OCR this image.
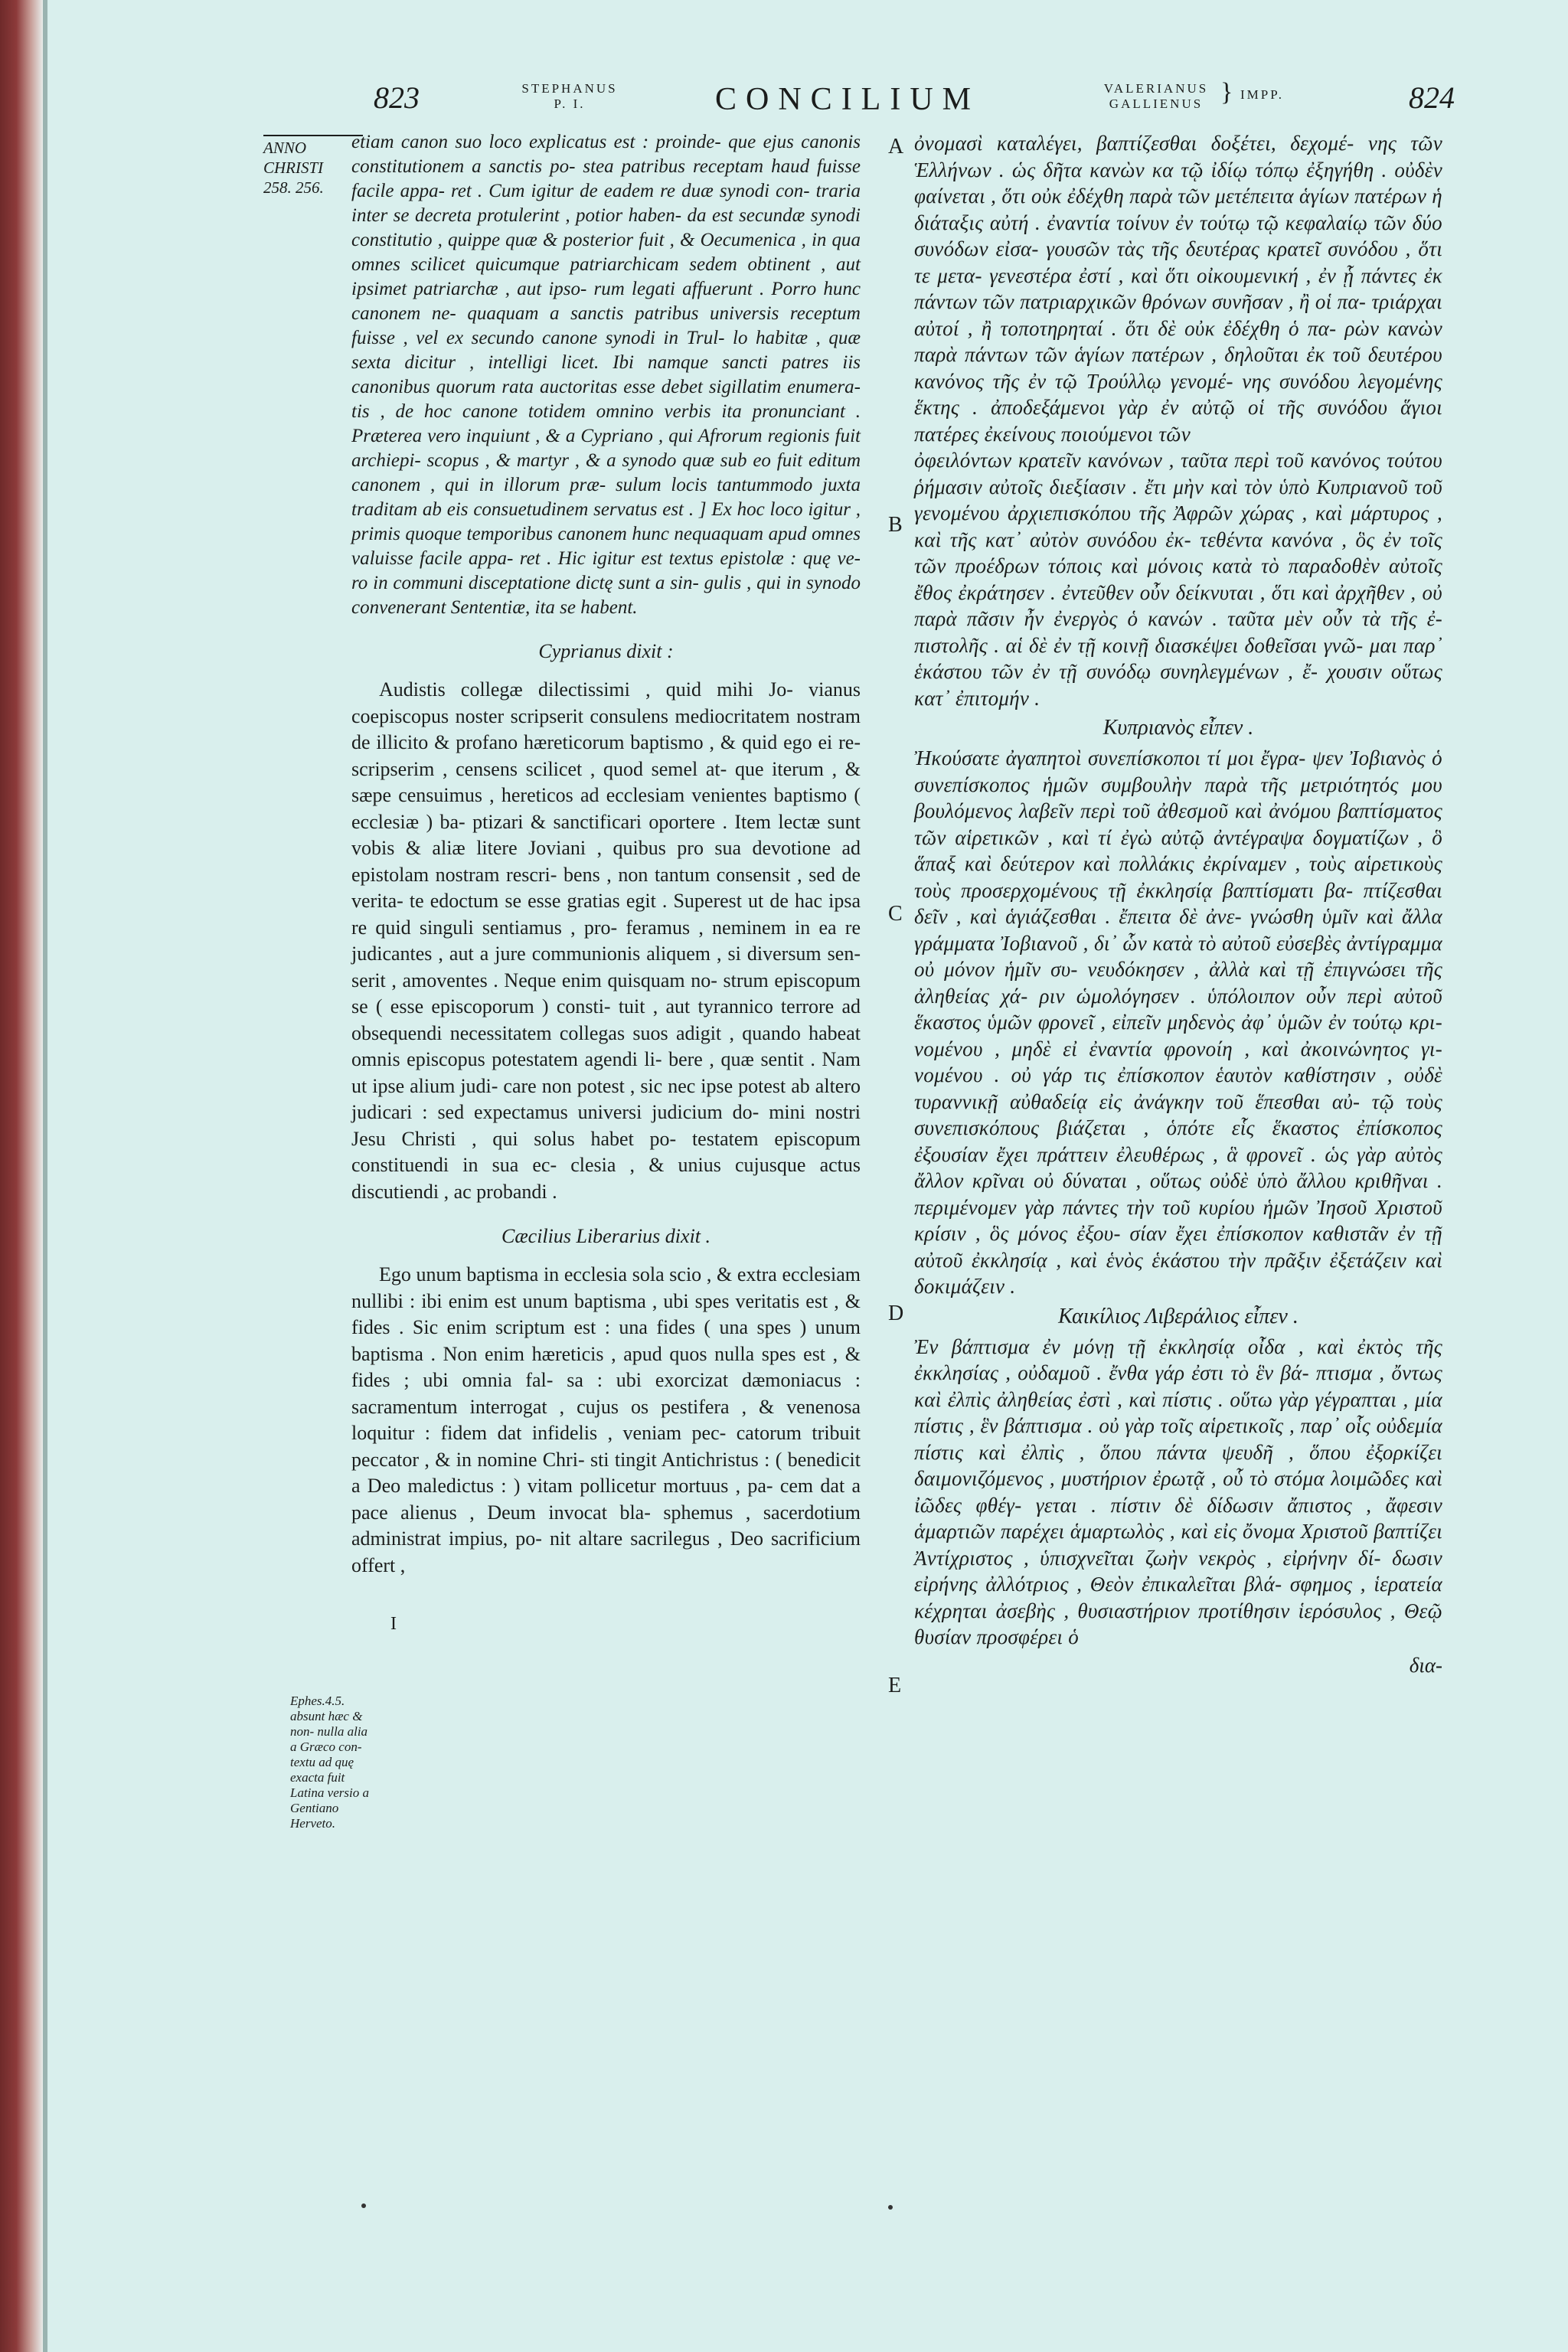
823	STEPHANUS
P. I.	CONCILIUM	VALERIANUS
GALLIENUS } IMPP.	824
ANNO
CHRISTI
258. 256.

etiam canon suo loco explicatus est : proinde- que ejus canonis constitutionem a sanctis po- stea patribus receptam haud fuisse facile appa- ret . Cum igitur de eadem re duæ synodi con- traria inter se decreta protulerint , potior haben- da est secundæ synodi constitutio , quippe quæ & posterior fuit , & Oecumenica , in qua omnes scilicet quicumque patriarchicam sedem obtinent , aut ipsimet patriarchæ , aut ipso- rum legati affuerunt . Porro hunc canonem ne- quaquam a sanctis patribus universis receptum fuisse , vel ex secundo canone synodi in Trul- lo habitæ , quæ sexta dicitur , intelligi licet. Ibi namque sancti patres iis canonibus quorum rata auctoritas esse debet sigillatim enumera- tis , de hoc canone totidem omnino verbis ita pronunciant . Præterea vero inquiunt , & a Cypriano , qui Afrorum regionis fuit archiepi- scopus , & martyr , & a synodo quæ sub eo fuit editum canonem , qui in illorum præ- sulum locis tantummodo juxta traditam ab eis consuetudinem servatus est . ] Ex hoc loco igitur , primis quoque temporibus canonem hunc nequaquam apud omnes valuisse facile appa- ret . Hic igitur est textus epistolæ : quę ve- ro in communi disceptatione dictę sunt a sin- gulis , qui in synodo convenerant Sententiæ, ita se habent.

Cyprianus dixit :

Audistis collegæ dilectissimi , quid mihi Jo- vianus coepiscopus noster scripserit consulens mediocritatem nostram de illicito & profano hæreticorum baptismo , & quid ego ei re- scripserim , censens scilicet , quod semel at- que iterum , & sæpe censuimus , hereticos ad ecclesiam venientes baptismo ( ecclesiæ ) ba- ptizari & sanctificari oportere . Item lectæ sunt vobis & aliæ litere Joviani , quibus pro sua devotione ad epistolam nostram rescri- bens , non tantum consensit , sed de verita- te edoctum se esse gratias egit . Superest ut de hac ipsa re quid singuli sentiamus , pro- feramus , neminem in ea re judicantes , aut a jure communionis aliquem , si diversum sen- serit , amoventes . Neque enim quisquam no- strum episcopum se ( esse episcoporum ) consti- tuit , aut tyrannico terrore ad obsequendi necessitatem collegas suos adigit , quando habeat omnis episcopus potestatem agendi li- bere , quæ sentit . Nam ut ipse alium judi- care non potest , sic nec ipse potest ab altero judicari : sed expectamus universi judicium do- mini nostri Jesu Christi , qui solus habet po- testatem episcopum constituendi in sua ec- clesia , & unius cujusque actus discutiendi , ac probandi .

Cæcilius Liberarius dixit .

Ego unum baptisma in ecclesia sola scio , & extra ecclesiam nullibi : ibi enim est unum baptisma , ubi spes veritatis est , & fides . Sic enim scriptum est : una fides ( una spes ) unum baptisma . Non enim hæreticis , apud quos nulla spes est , & fides ; ubi omnia fal- sa : ubi exorcizat dæmoniacus : sacramentum interrogat , cujus os pestifera , & venenosa loquitur : fidem dat infidelis , veniam pec- catorum tribuit peccator , & in nomine Chri- sti tingit Antichristus : ( benedicit a Deo maledictus : ) vitam pollicetur mortuus , pa- cem dat a pace alienus , Deum invocat bla- sphemus , sacerdotium administrat impius, po- nit altare sacrilegus , Deo sacrificium offert ,

I
Ephes.4.5. absunt hæc & non- nulla alia a Græco con- textu ad quę exacta fuit Latina versio a Gentiano Herveto.
A
B
C
D
E

ὀνομασὶ καταλέγει, βαπτίζεσθαι δοξέτει, δεχομέ- νης τῶν Ἑλλήνων . ὡς δῆτα κανὼν κα τῷ ἰδίῳ τόπῳ ἐξηγήθη . οὐδὲν φαίνεται , ὅτι οὐκ ἐδέχθη παρὰ τῶν μετέπειτα ἁγίων πατέρων ἡ διάταξις αὐτή . ἐναντία τοίνυν ἐν τούτῳ τῷ κεφαλαίῳ τῶν δύο συνόδων εἰσα- γουσῶν τὰς τῆς δευτέρας κρατεῖ συνόδου , ὅτι τε μετα- γενεστέρα ἐστί , καὶ ὅτι οἰκουμενική , ἐν ᾗ πάντες ἐκ πάντων τῶν πατριαρχικῶν θρόνων συνῆσαν , ἢ οἱ πα- τριάρχαι αὐτοί , ἢ τοποτηρηταί . ὅτι δὲ οὐκ ἐδέχθη ὁ πα- ρὼν κανὼν παρὰ πάντων τῶν ἁγίων πατέρων , δηλοῦται ἐκ τοῦ δευτέρου κανόνος τῆς ἐν τῷ Τρούλλῳ γενομέ- νης συνόδου λεγομένης ἕκτης . ἀποδεξάμενοι γὰρ ἐν αὐτῷ οἱ τῆς συνόδου ἅγιοι πατέρες ἐκείνους ποιούμενοι τῶν

ὀφειλόντων κρατεῖν κανόνων , ταῦτα περὶ τοῦ κανόνος τούτου ῥήμασιν αὐτοῖς διεξίασιν . ἔτι μὴν καὶ τὸν ὑπὸ Κυπριανοῦ τοῦ γενομένου ἀρχιεπισκόπου τῆς Ἀφρῶν χώρας , καὶ μάρτυρος , καὶ τῆς κατ᾽ αὐτὸν συνόδου ἐκ- τεθέντα κανόνα , ὃς ἐν τοῖς τῶν προέδρων τόποις καὶ μόνοις κατὰ τὸ παραδοθὲν αὐτοῖς ἔθος ἐκράτησεν . ἐντεῦθεν οὖν δείκνυται , ὅτι καὶ ἀρχῆθεν , οὐ παρὰ πᾶσιν ἦν ἐνεργὸς ὁ κανών . ταῦτα μὲν οὖν τὰ τῆς ἐ- πιστολῆς . αἱ δὲ ἐν τῇ κοινῇ διασκέψει δοθεῖσαι γνῶ- μαι παρ᾽ ἑκάστου τῶν ἐν τῇ συνόδῳ συνηλεγμένων , ἔ- χουσιν οὕτως κατ᾽ ἐπιτομήν .

Κυπριανὸς εἶπεν .

Ἠκούσατε ἀγαπητοὶ συνεπίσκοποι τί μοι ἔγρα- ψεν Ἰοβιανὸς ὁ συνεπίσκοπος ἡμῶν συμβουλὴν παρὰ τῆς μετριότητός μου βουλόμενος λαβεῖν περὶ τοῦ ἀθεσμοῦ καὶ ἀνόμου βαπτίσματος τῶν αἱρετικῶν , καὶ τί ἐγὼ αὐτῷ ἀντέγραψα δογματίζων , ὃ ἅπαξ καὶ δεύτερον καὶ πολλάκις ἐκρίναμεν , τοὺς αἱρετικοὺς τοὺς προσερχομένους τῇ ἐκκλησίᾳ βαπτίσματι βα- πτίζεσθαι δεῖν , καὶ ἁγιάζεσθαι . ἔπειτα δὲ ἀνε- γνώσθη ὑμῖν καὶ ἄλλα γράμματα Ἰοβιανοῦ , δι᾽ ὧν κατὰ τὸ αὐτοῦ εὐσεβὲς ἀντίγραμμα οὐ μόνον ἡμῖν συ- νευδόκησεν , ἀλλὰ καὶ τῇ ἐπιγνώσει τῆς ἀληθείας χά- ριν ὡμολόγησεν . ὑπόλοιπον οὖν περὶ αὐτοῦ ἕκαστος ὑμῶν φρονεῖ , εἰπεῖν μηδενὸς ἀφ᾽ ὑμῶν ἐν τούτῳ κρι- νομένου , μηδὲ εἰ ἐναντία φρονοίη , καὶ ἀκοινώνητος γι- νομένου . οὐ γάρ τις ἐπίσκοπον ἑαυτὸν καθίστησιν , οὐδὲ τυραννικῇ αὐθαδείᾳ εἰς ἀνάγκην τοῦ ἕπεσθαι αὐ- τῷ τοὺς συνεπισκόπους βιάζεται , ὁπότε εἷς ἕκαστος ἐπίσκοπος ἐξουσίαν ἔχει πράττειν ἐλευθέρως , ἃ φρονεῖ . ὡς γὰρ αὐτὸς ἄλλον κρῖναι οὐ δύναται , οὕτως οὐδὲ ὑπὸ ἄλλου κριθῆναι . περιμένομεν γὰρ πάντες τὴν τοῦ κυρίου ἡμῶν Ἰησοῦ Χριστοῦ κρίσιν , ὃς μόνος ἐξου- σίαν ἔχει ἐπίσκοπον καθιστᾶν ἐν τῇ αὐτοῦ ἐκκλησίᾳ , καὶ ἑνὸς ἑκάστου τὴν πρᾶξιν ἐξετάζειν καὶ δοκιμάζειν .

Καικίλιος Λιβεράλιος εἶπεν .

Ἐν βάπτισμα ἐν μόνῃ τῇ ἐκκλησίᾳ οἶδα , καὶ ἐκτὸς τῆς ἐκκλησίας , οὐδαμοῦ . ἔνθα γάρ ἐστι τὸ ἓν βά- πτισμα , ὄντως καὶ ἐλπὶς ἀληθείας ἐστὶ , καὶ πίστις . οὕτω γὰρ γέγραπται , μία πίστις , ἓν βάπτισμα . οὐ γὰρ τοῖς αἱρετικοῖς , παρ᾽ οἷς οὐδεμία πίστις καὶ ἐλπὶς , ὅπου πάντα ψευδῆ , ὅπου ἐξορκίζει δαιμονιζόμενος , μυστήριον ἐρωτᾷ , οὗ τὸ στόμα λοιμῶδες καὶ ἰῶδες φθέγ- γεται . πίστιν δὲ δίδωσιν ἄπιστος , ἄφεσιν ἁμαρτιῶν παρέχει ἁμαρτωλὸς , καὶ εἰς ὄνομα Χριστοῦ βαπτίζει Ἀντίχριστος , ὑπισχνεῖται ζωὴν νεκρὸς , εἰρήνην δί- δωσιν εἰρήνης ἀλλότριος , Θεὸν ἐπικαλεῖται βλά- σφημος , ἱερατεία κέχρηται ἀσεβὴς , θυσιαστήριον προτίθησιν ἱερόσυλος , Θεῷ θυσίαν προσφέρει ὁ

δια-
